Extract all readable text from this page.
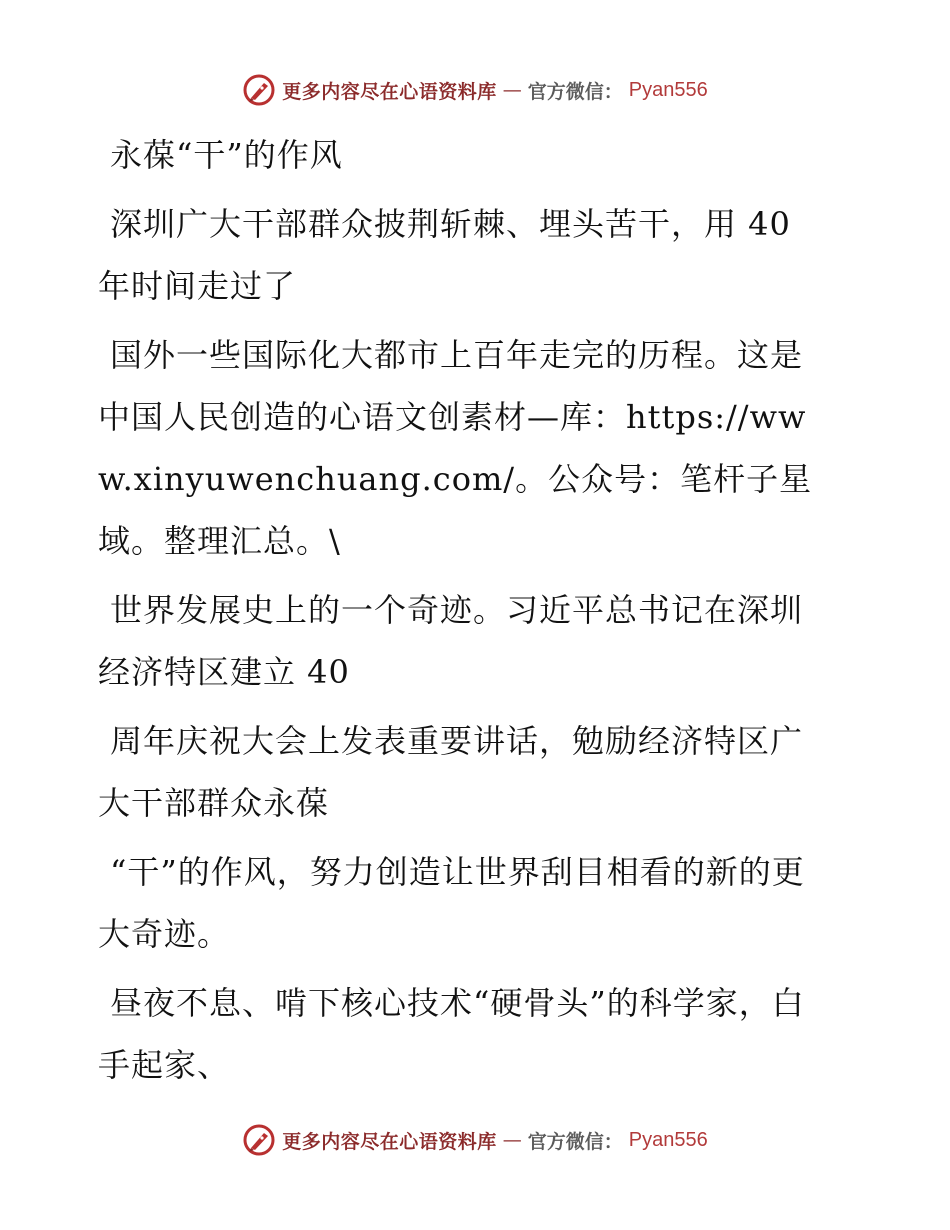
更多内容尽在心语资料库 — 官方微信： Pyan556

永葆“干”的作风

深圳广大干部群众披荆斩棘、埋头苦干，用 40 年时间走过了

国外一些国际化大都市上百年走完的历程。这是中国人民创造的心语文创素材—库：https://www.xinyuwenchuang.com/。公众号：笔杆子星域。整理汇总。\

世界发展史上的一个奇迹。习近平总书记在深圳经济特区建立 40

周年庆祝大会上发表重要讲话，勉励经济特区广大干部群众永葆

“干”的作风，努力创造让世界刮目相看的新的更大奇迹。

昼夜不息、啃下核心技术“硬骨头”的科学家，白手起家、

更多内容尽在心语资料库 — 官方微信： Pyan556
